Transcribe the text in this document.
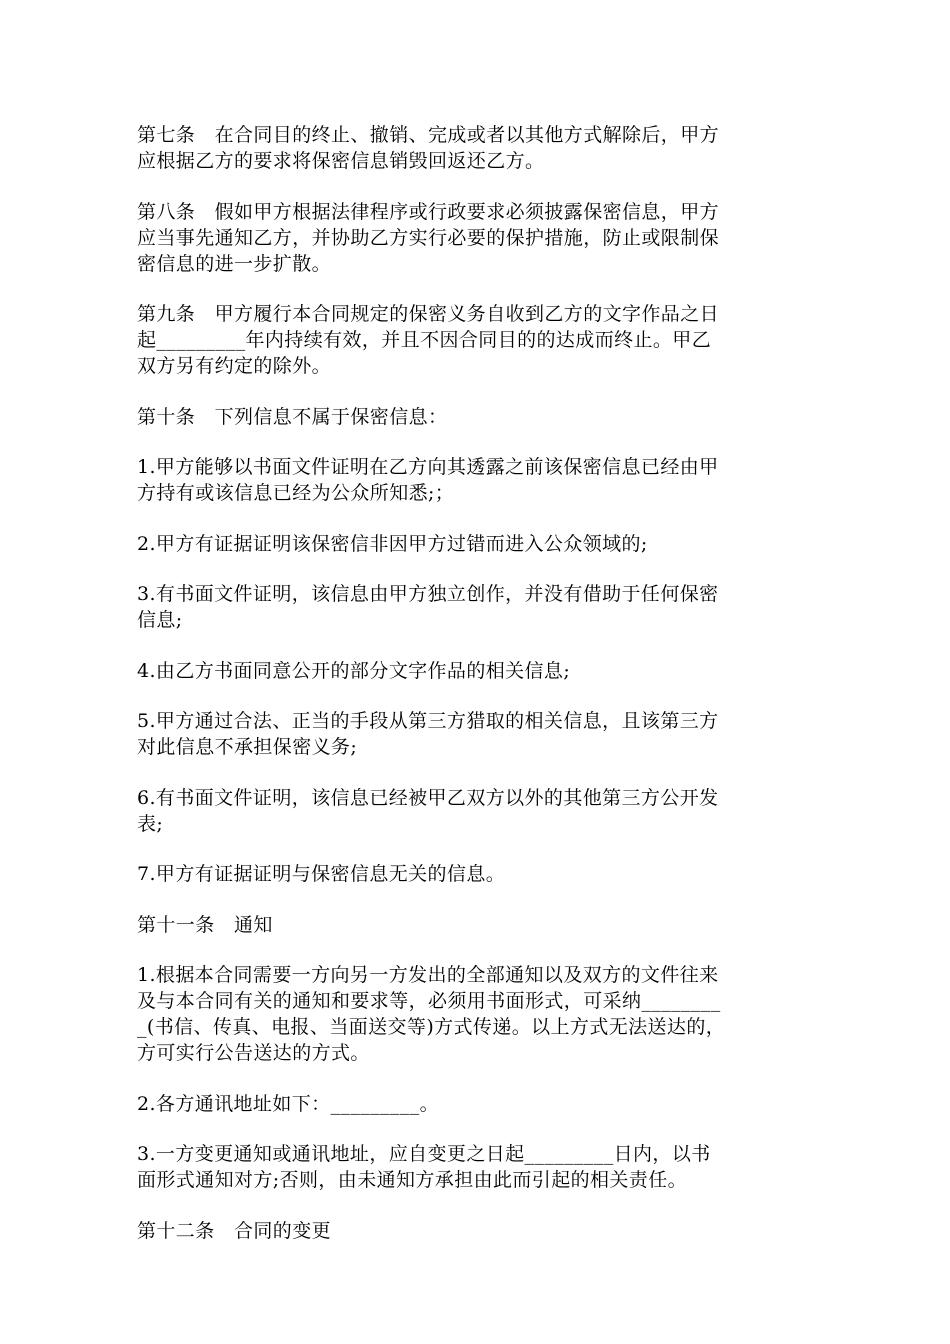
第七条　在合同目的终止、撤销、完成或者以其他方式解除后，甲方
应根据乙方的要求将保密信息销毁回返还乙方。

第八条　假如甲方根据法律程序或行政要求必须披露保密信息，甲方
应当事先通知乙方，并协助乙方实行必要的保护措施，防止或限制保
密信息的进一步扩散。

第九条　甲方履行本合同规定的保密义务自收到乙方的文字作品之日
起_________年内持续有效，并且不因合同目的的达成而终止。甲乙
双方另有约定的除外。

第十条　下列信息不属于保密信息：

1.甲方能够以书面文件证明在乙方向其透露之前该保密信息已经由甲
方持有或该信息已经为公众所知悉;；

2.甲方有证据证明该保密信非因甲方过错而进入公众领域的;

3.有书面文件证明，该信息由甲方独立创作，并没有借助于任何保密
信息;

4.由乙方书面同意公开的部分文字作品的相关信息;

5.甲方通过合法、正当的手段从第三方猎取的相关信息，且该第三方
对此信息不承担保密义务;

6.有书面文件证明，该信息已经被甲乙双方以外的其他第三方公开发
表;

7.甲方有证据证明与保密信息无关的信息。

第十一条　通知

1.根据本合同需要一方向另一方发出的全部通知以及双方的文件往来
及与本合同有关的通知和要求等，必须用书面形式，可采纳________
_(书信、传真、电报、当面送交等)方式传递。以上方式无法送达的，
方可实行公告送达的方式。

2.各方通讯地址如下：_________。

3.一方变更通知或通讯地址，应自变更之日起_________日内，以书
面形式通知对方;否则，由未通知方承担由此而引起的相关责任。

第十二条　合同的变更
